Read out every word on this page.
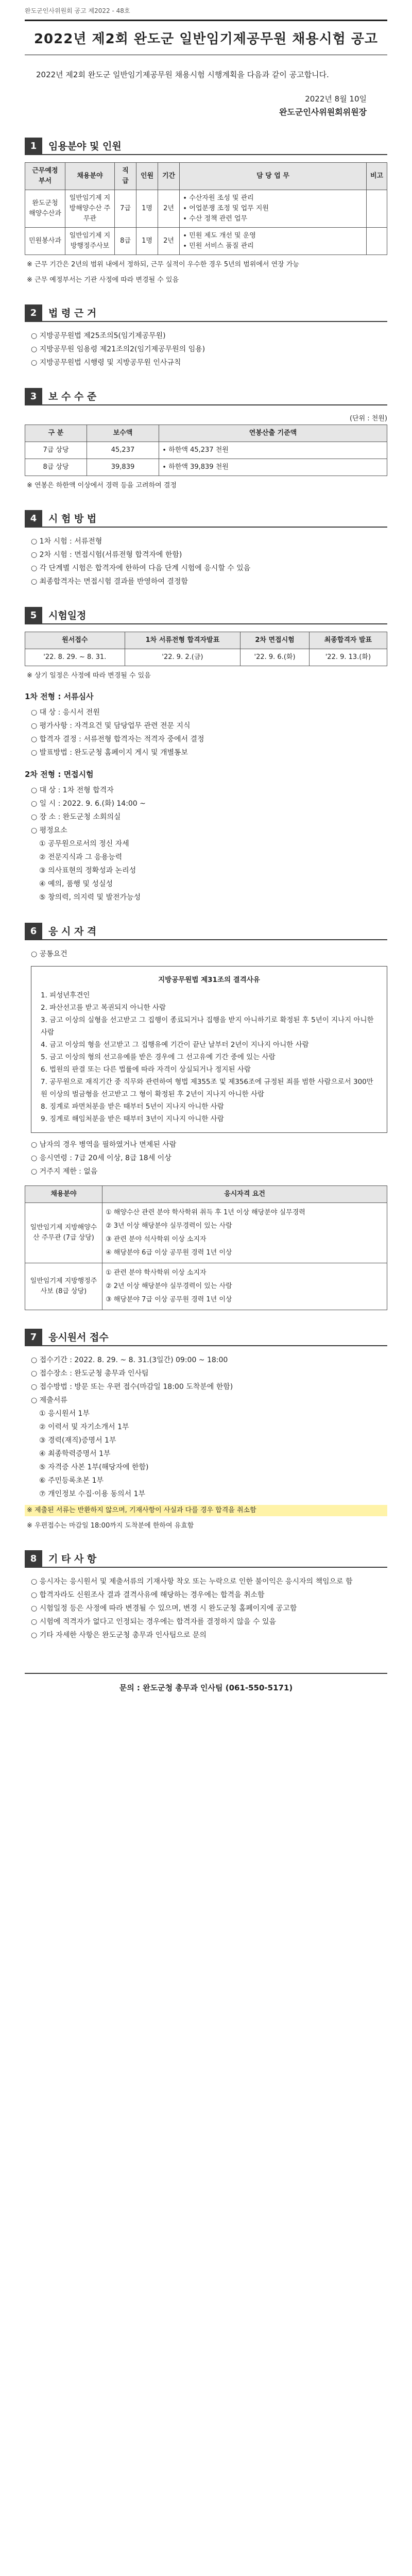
완도군인사위원회 공고 제2022 - 48호
2022년 제2회 완도군 일반임기제공무원 채용시험 공고

2022년 제2회 완도군 일반임기제공무원 채용시험 시행계획을 다음과 같이 공고합니다.

2022년 8월 10일
완도군인사위원회위원장
1	임용분야 및 인원
근무예정 부서	채용분야	직 급	인원	기간	담 당 업 무	비고
완도군청 해양수산과	일반임기제 지방해양수산 주무관	7급	1명	2년	∙ 수산자원 조성 및 관리
∙ 어업분쟁 조정 및 업무 지원
∙ 수산 정책 관련 업무	
민원봉사과	일반임기제 지방행정주사보	8급	1명	2년	∙ 민원 제도 개선 및 운영
∙ 민원 서비스 품질 관리	

※ 근무 기간은 2년의 범위 내에서 정하되, 근무 실적이 우수한 경우 5년의 범위에서 연장 가능

※ 근무 예정부서는 기관 사정에 따라 변경될 수 있음

2	법 령 근 거

○ 지방공무원법 제25조의5(임기제공무원)

○ 지방공무원 임용령 제21조의2(임기제공무원의 임용)

○ 지방공무원법 시행령 및 지방공무원 인사규칙

3	보 수 수 준
(단위 : 천원)
구 분	보수액	연봉산출 기준액
7급 상당	45,237	∙ 하한액 45,237 천원
8급 상당	39,839	∙ 하한액 39,839 천원

※ 연봉은 하한액 이상에서 경력 등을 고려하여 결정

4	시 험 방 법

○ 1차 시험 : 서류전형

○ 2차 시험 : 면접시험(서류전형 합격자에 한함)

○ 각 단계별 시험은 합격자에 한하여 다음 단계 시험에 응시할 수 있음

○ 최종합격자는 면접시험 결과를 반영하여 결정함

5	시험일정
원서접수	1차 서류전형 합격자발표	2차 면접시험	최종합격자 발표
'22. 8. 29. ~ 8. 31.	'22. 9. 2.(금)	'22. 9. 6.(화)	'22. 9. 13.(화)

※ 상기 일정은 사정에 따라 변경될 수 있음

1차 전형 : 서류심사

○ 대 상 : 응시서 전원

○ 평가사항 : 자격요건 및 담당업무 관련 전문 지식

○ 합격자 결정 : 서류전형 합격자는 적격자 중에서 결정

○ 발표방법 : 완도군청 홈페이지 게시 및 개별통보

2차 전형 : 면접시험

○ 대 상 : 1차 전형 합격자

○ 일 시 : 2022. 9. 6.(화) 14:00 ~

○ 장 소 : 완도군청 소회의실

○ 평정요소

① 공무원으로서의 정신 자세

② 전문지식과 그 응용능력

③ 의사표현의 정확성과 논리성

④ 예의, 품행 및 성실성

⑤ 창의력, 의지력 및 발전가능성

6	응 시 자 격

○ 공통요건

지방공무원법 제31조의 결격사유

1. 피성년후견인

2. 파산선고를 받고 복권되지 아니한 사람

3. 금고 이상의 실형을 선고받고 그 집행이 종료되거나 집행을 받지 아니하기로 확정된 후 5년이 지나지 아니한 사람

4. 금고 이상의 형을 선고받고 그 집행유예 기간이 끝난 날부터 2년이 지나지 아니한 사람

5. 금고 이상의 형의 선고유예를 받은 경우에 그 선고유예 기간 중에 있는 사람

6. 법원의 판결 또는 다른 법률에 따라 자격이 상실되거나 정지된 사람

7. 공무원으로 재직기간 중 직무와 관련하여 형법 제355조 및 제356조에 규정된 죄를 범한 사람으로서 300만원 이상의 벌금형을 선고받고 그 형이 확정된 후 2년이 지나지 아니한 사람

8. 징계로 파면처분을 받은 때부터 5년이 지나지 아니한 사람

9. 징계로 해임처분을 받은 때부터 3년이 지나지 아니한 사람

○ 남자의 경우 병역을 필하였거나 면제된 사람

○ 응시연령 : 7급 20세 이상, 8급 18세 이상

○ 거주지 제한 : 없음

채용분야	응시자격 요건
일반임기제 지방해양수산 주무관 (7급 상당)	① 해양수산 관련 분야 학사학위 취득 후 1년 이상 해당분야 실무경력
② 3년 이상 해당분야 실무경력이 있는 사람
③ 관련 분야 석사학위 이상 소지자
④ 해당분야 6급 이상 공무원 경력 1년 이상
일반임기제 지방행정주사보 (8급 상당)	① 관련 분야 학사학위 이상 소지자
② 2년 이상 해당분야 실무경력이 있는 사람
③ 해당분야 7급 이상 공무원 경력 1년 이상
7	응시원서 접수

○ 접수기간 : 2022. 8. 29. ~ 8. 31.(3일간) 09:00 ~ 18:00

○ 접수장소 : 완도군청 총무과 인사팀

○ 접수방법 : 방문 또는 우편 접수(마감일 18:00 도착분에 한함)

○ 제출서류

① 응시원서 1부

② 이력서 및 자기소개서 1부

③ 경력(재직)증명서 1부

④ 최종학력증명서 1부

⑤ 자격증 사본 1부(해당자에 한함)

⑥ 주민등록초본 1부

⑦ 개인정보 수집·이용 동의서 1부

※ 제출된 서류는 반환하지 않으며, 기재사항이 사실과 다를 경우 합격을 취소함

※ 우편접수는 마감일 18:00까지 도착분에 한하여 유효함

8	기 타 사 항

○ 응시자는 응시원서 및 제출서류의 기재사항 착오 또는 누락으로 인한 불이익은 응시자의 책임으로 함

○ 합격자라도 신원조사 결과 결격사유에 해당하는 경우에는 합격을 취소함

○ 시험일정 등은 사정에 따라 변경될 수 있으며, 변경 시 완도군청 홈페이지에 공고함

○ 시험에 적격자가 없다고 인정되는 경우에는 합격자를 결정하지 않을 수 있음

○ 기타 자세한 사항은 완도군청 총무과 인사팀으로 문의

문의 : 완도군청 총무과 인사팀 (061-550-5171)
